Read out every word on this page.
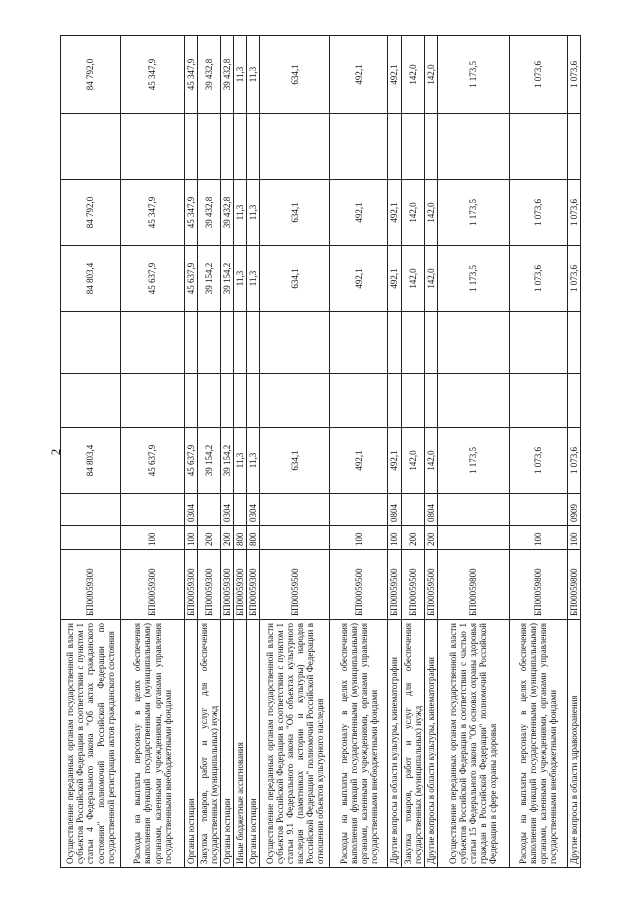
2
Осуществление переданных органам государственной власти субъектов Российской Федерации в соответствии с пунктом 1 статьи 4 Федерального закона "Об актах гражданского состояния" полномочий Российской Федерации по государственной регистрации актов гражданского состояния	БП00059300			84 803,4			84 803,4	84 792,0		84 792,0
Расходы на выплаты персоналу в целях обеспечения выполнения функций государственными (муниципальными) органами, казенными учреждениями, органами управления государственными внебюджетными фондами	БП00059300	100		45 637,9			45 637,9	45 347,9		45 347,9
Органы юстиции	БП00059300	100	0304	45 637,9			45 637,9	45 347,9		45 347,9
Закупка товаров, работ и услуг для обеспечения государственных (муниципальных) нужд	БП00059300	200		39 154,2			39 154,2	39 432,8		39 432,8
Органы юстиции	БП00059300	200	0304	39 154,2			39 154,2	39 432,8		39 432,8
Иные бюджетные ассигнования	БП00059300	800		11,3			11,3	11,3		11,3
Органы юстиции	БП00059300	800	0304	11,3			11,3	11,3		11,3
Осуществление переданных органам государственной власти субъектов Российской Федерации в соответствии с пунктом 1 статьи 9.1 Федерального закона "Об объектах культурного наследия (памятниках истории и культуры) народов Российской Федерации" полномочий Российской Федерации в отношении объектов культурного наследия	БП00059500			634,1			634,1	634,1		634,1
Расходы на выплаты персоналу в целях обеспечения выполнения функций государственными (муниципальными) органами, казенными учреждениями, органами управления государственными внебюджетными фондами	БП00059500	100		492,1			492,1	492,1		492,1
Другие вопросы в области культуры, кинематографии	БП00059500	100	0804	492,1			492,1	492,1		492,1
Закупка товаров, работ и услуг для обеспечения государственных (муниципальных) нужд	БП00059500	200		142,0			142,0	142,0		142,0
Другие вопросы в области культуры, кинематографии	БП00059500	200	0804	142,0			142,0	142,0		142,0
Осуществление переданных органам государственной власти субъектов Российской Федерации в соответствии с частью 1 статьи 15 Федерального закона "Об основах охраны здоровья граждан в Российской Федерации" полномочий Российской Федерации в сфере охраны здоровья	БП00059800			1 173,5			1 173,5	1 173,5		1 173,5
Расходы на выплаты персоналу в целях обеспечения выполнения функций государственными (муниципальными) органами, казенными учреждениями, органами управления государственными внебюджетными фондами	БП00059800	100		1 073,6			1 073,6	1 073,6		1 073,6
Другие вопросы в области здравоохранения	БП00059800	100	0909	1 073,6			1 073,6	1 073,6		1 073,6
